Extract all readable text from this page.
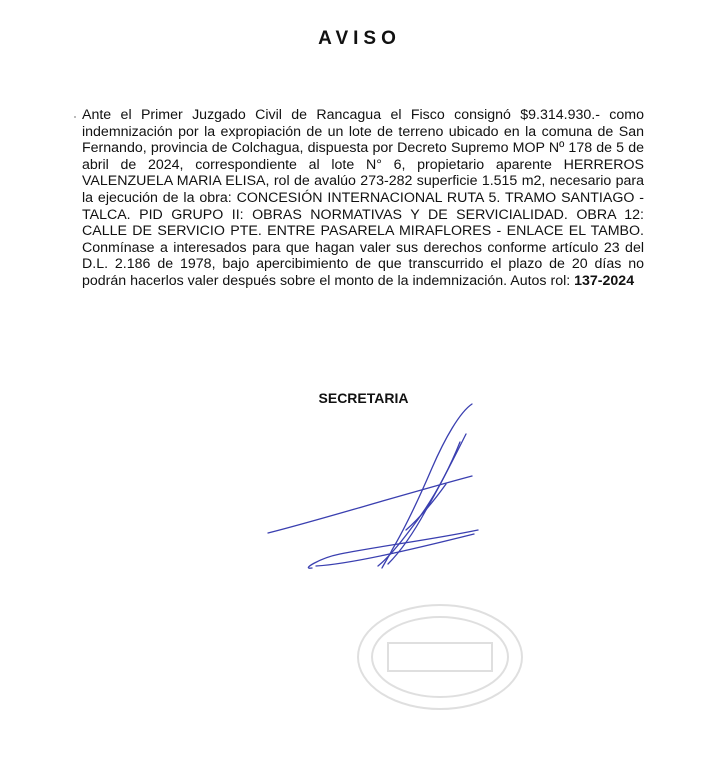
AVISO

Ante el Primer Juzgado Civil de Rancagua el Fisco consignó $9.314.930.- como indemnización por la expropiación de un lote de terreno ubicado en la comuna de San Fernando, provincia de Colchagua, dispuesta por Decreto Supremo MOP Nº 178 de 5 de abril de 2024, correspondiente al lote N° 6, propietario aparente HERREROS VALENZUELA MARIA ELISA, rol de avalúo 273-282 superficie 1.515 m2, necesario para la ejecución de la obra: CONCESIÓN INTERNACIONAL RUTA 5. TRAMO SANTIAGO - TALCA. PID GRUPO II: OBRAS NORMATIVAS Y DE SERVICIALIDAD. OBRA 12: CALLE DE SERVICIO PTE. ENTRE PASARELA MIRAFLORES - ENLACE EL TAMBO. Conmínase a interesados para que hagan valer sus derechos conforme artículo 23 del D.L. 2.186 de 1978, bajo apercibimiento de que transcurrido el plazo de 20 días no podrán hacerlos valer después sobre el monto de la indemnización. Autos rol: 137-2024

SECRETARIA
